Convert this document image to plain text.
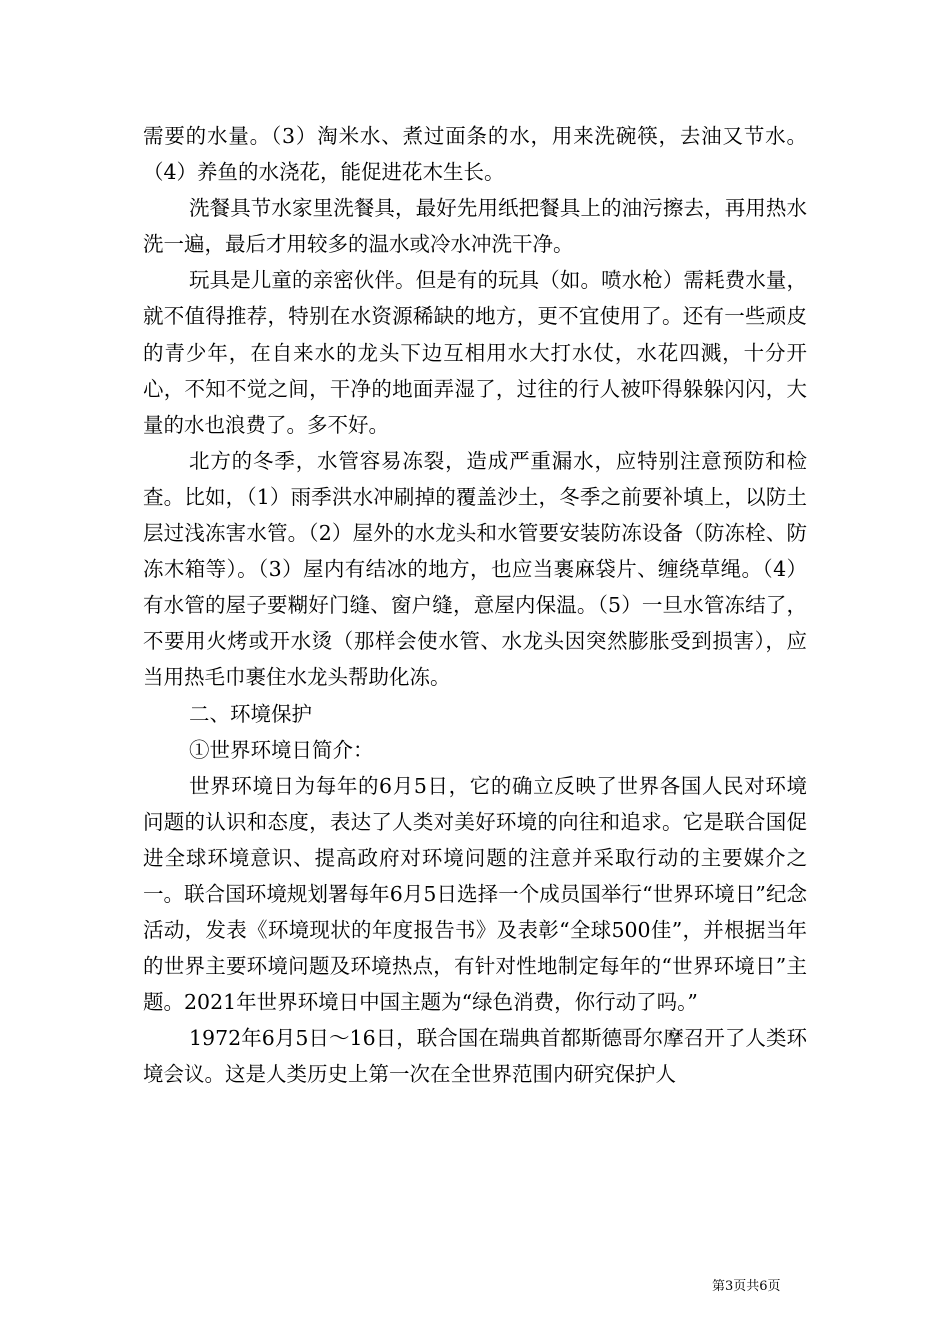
需要的水量。（3）淘米水、煮过面条的水，用来洗碗筷，去油又节水。（4）养鱼的水浇花，能促进花木生长。

洗餐具节水家里洗餐具，最好先用纸把餐具上的油污擦去，再用热水洗一遍，最后才用较多的温水或冷水冲洗干净。

玩具是儿童的亲密伙伴。但是有的玩具（如。喷水枪）需耗费水量，就不值得推荐，特别在水资源稀缺的地方，更不宜使用了。还有一些顽皮的青少年，在自来水的龙头下边互相用水大打水仗，水花四溅，十分开心，不知不觉之间，干净的地面弄湿了，过往的行人被吓得躲躲闪闪，大量的水也浪费了。多不好。

北方的冬季，水管容易冻裂，造成严重漏水，应特别注意预防和检查。比如，（1）雨季洪水冲刷掉的覆盖沙土，冬季之前要补填上，以防土层过浅冻害水管。（2）屋外的水龙头和水管要安装防冻设备（防冻栓、防冻木箱等）。（3）屋内有结冰的地方，也应当裹麻袋片、缠绕草绳。（4）有水管的屋子要糊好门缝、窗户缝，意屋内保温。（5）一旦水管冻结了，不要用火烤或开水烫（那样会使水管、水龙头因突然膨胀受到损害），应当用热毛巾裹住水龙头帮助化冻。

二、环境保护

①世界环境日简介：

世界环境日为每年的6月5日，它的确立反映了世界各国人民对环境问题的认识和态度，表达了人类对美好环境的向往和追求。它是联合国促进全球环境意识、提高政府对环境问题的注意并采取行动的主要媒介之一。联合国环境规划署每年6月5日选择一个成员国举行“世界环境日”纪念活动，发表《环境现状的年度报告书》及表彰“全球500佳”，并根据当年的世界主要环境问题及环境热点，有针对性地制定每年的“世界环境日”主题。2021年世界环境日中国主题为“绿色消费，你行动了吗。”

1972年6月5日～16日，联合国在瑞典首都斯德哥尔摩召开了人类环境会议。这是人类历史上第一次在全世界范围内研究保护人

第3页共6页
